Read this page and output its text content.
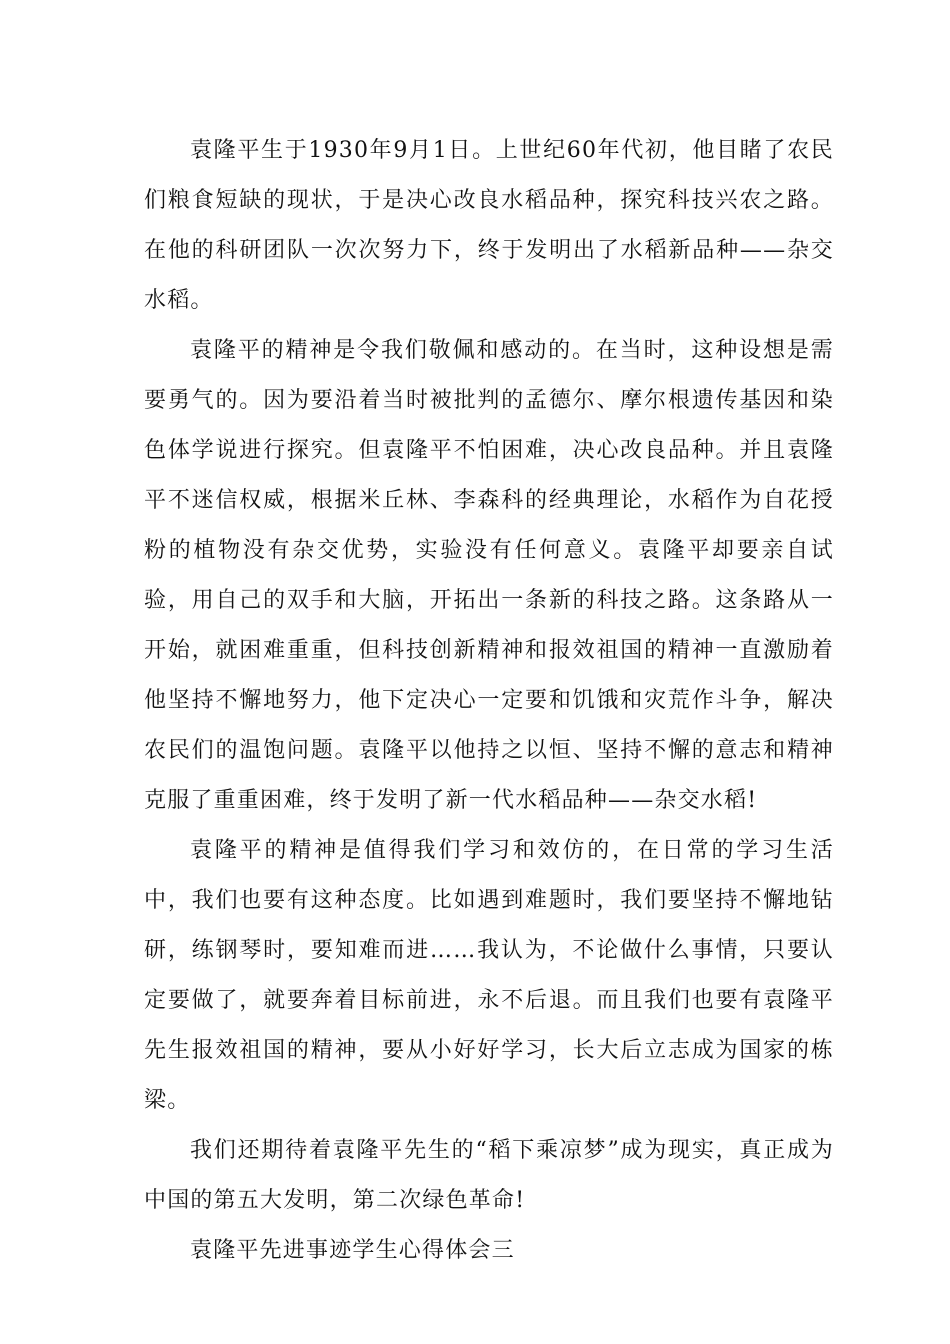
袁隆平生于1930年9月1日。上世纪60年代初，他目睹了农民们粮食短缺的现状，于是决心改良水稻品种，探究科技兴农之路。在他的科研团队一次次努力下，终于发明出了水稻新品种——杂交水稻。

袁隆平的精神是令我们敬佩和感动的。在当时，这种设想是需要勇气的。因为要沿着当时被批判的孟德尔、摩尔根遗传基因和染色体学说进行探究。但袁隆平不怕困难，决心改良品种。并且袁隆平不迷信权威，根据米丘林、李森科的经典理论，水稻作为自花授粉的植物没有杂交优势，实验没有任何意义。袁隆平却要亲自试验，用自己的双手和大脑，开拓出一条新的科技之路。这条路从一开始，就困难重重，但科技创新精神和报效祖国的精神一直激励着他坚持不懈地努力，他下定决心一定要和饥饿和灾荒作斗争，解决农民们的温饱问题。袁隆平以他持之以恒、坚持不懈的意志和精神克服了重重困难，终于发明了新一代水稻品种——杂交水稻!

袁隆平的精神是值得我们学习和效仿的，在日常的学习生活中，我们也要有这种态度。比如遇到难题时，我们要坚持不懈地钻研，练钢琴时，要知难而进……我认为，不论做什么事情，只要认定要做了，就要奔着目标前进，永不后退。而且我们也要有袁隆平先生报效祖国的精神，要从小好好学习，长大后立志成为国家的栋梁。

我们还期待着袁隆平先生的“稻下乘凉梦”成为现实，真正成为中国的第五大发明，第二次绿色革命!

袁隆平先进事迹学生心得体会三
